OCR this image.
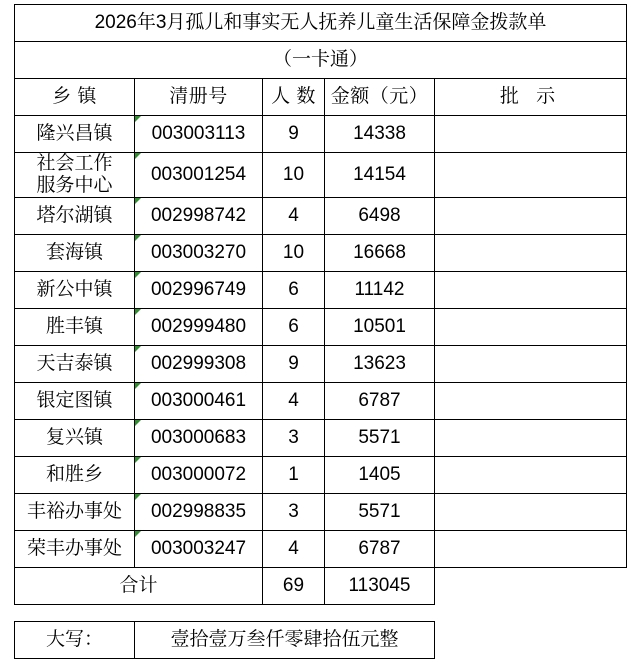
2026年3月孤儿和事实无人抚养儿童生活保障金拨款单				
（一卡通）				
乡 镇	清册号	人 数	金额（元）	批 示
隆兴昌镇	003003113	9	14338	

社会工作
服务中心	003001254	10	14154	
塔尔湖镇	002998742	4	6498	
套海镇	003003270	10	16668	
新公中镇	002996749	6	11142	
胜丰镇	002999480	6	10501	
天吉泰镇	002999308	9	13623	
银定图镇	003000461	4	6787	
复兴镇	003000683	3	5571	
和胜乡	003000072	1	1405	
丰裕办事处	002998835	3	5571	
荣丰办事处	003003247	4	6787	
合计		69	113045	

大写：	壹拾壹万叁仟零肆拾伍元整			
